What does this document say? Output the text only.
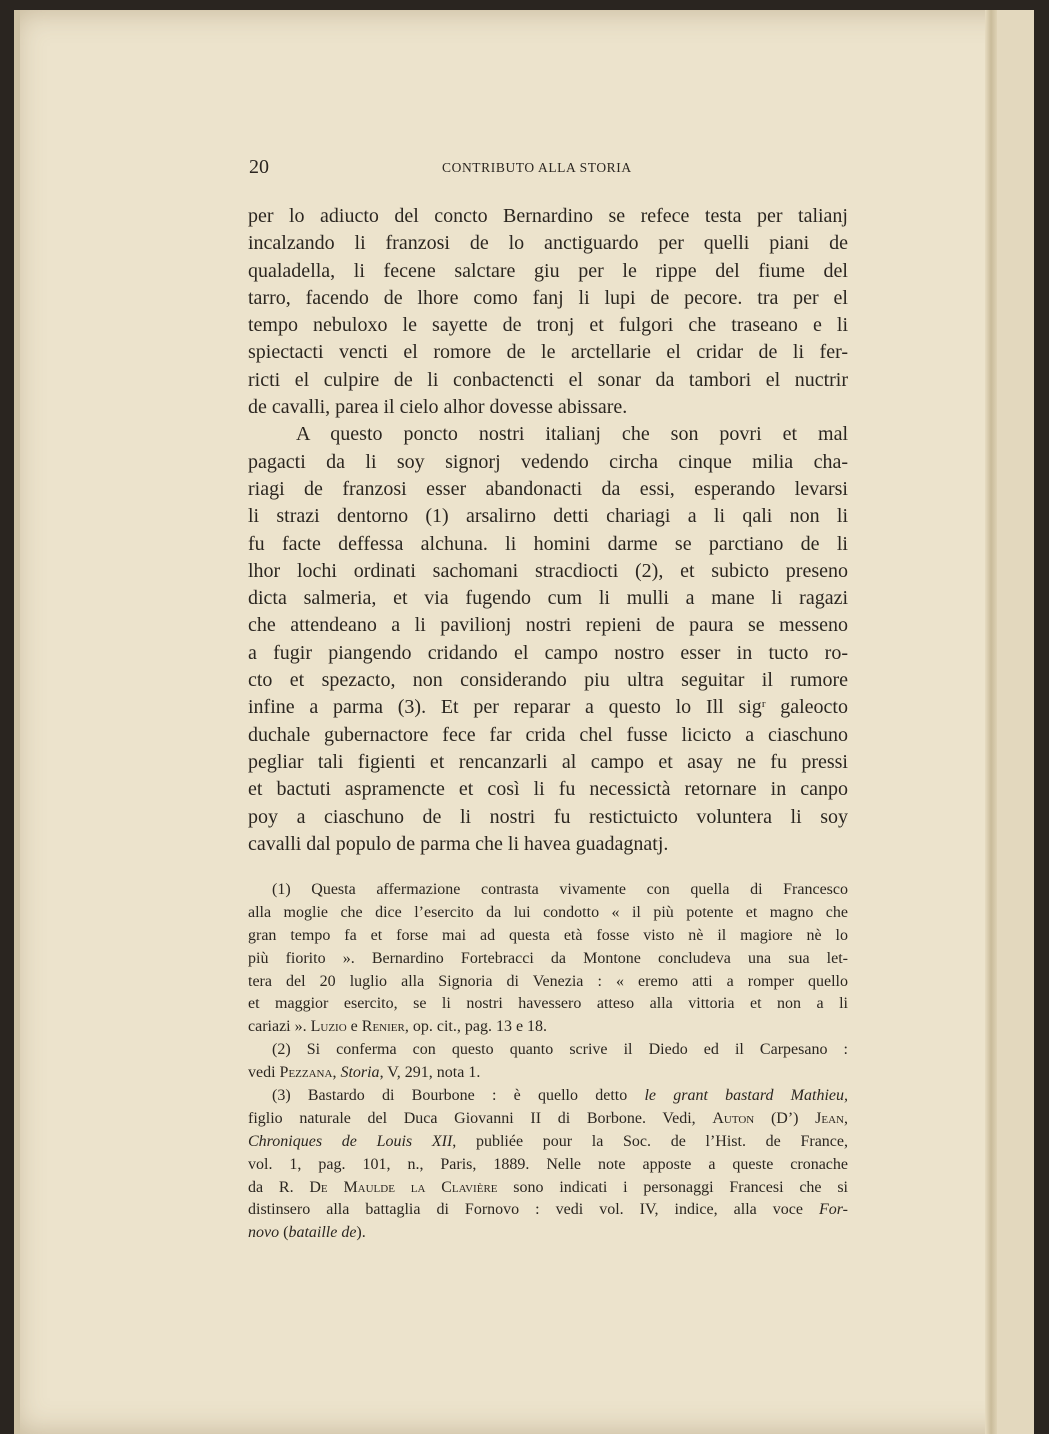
20	CONTRIBUTO ALLA STORIA
per lo adiucto del concto Bernardino se refece testa per talianj
incalzando li franzosi de lo anctiguardo per quelli piani de
qualadella, li fecene salctare giu per le rippe del fiume del
tarro, facendo de lhore como fanj li lupi de pecore. tra per el
tempo nebuloxo le sayette de tronj et fulgori che traseano e li
spiectacti vencti el romore de le arctellarie el cridar de li fer-
ricti el culpire de li conbactencti el sonar da tambori el nuctrir
de cavalli, parea il cielo alhor dovesse abissare.
A questo poncto nostri italianj che son povri et mal
pagacti da li soy signorj vedendo circha cinque milia cha-
riagi de franzosi esser abandonacti da essi, esperando levarsi
li strazi dentorno (1) arsalirno detti chariagi a li qali non li
fu facte deffessa alchuna. li homini darme se parctiano de li
lhor lochi ordinati sachomani stracdiocti (2), et subicto preseno
dicta salmeria, et via fugendo cum li mulli a mane li ragazi
che attendeano a li pavilionj nostri repieni de paura se messeno
a fugir piangendo cridando el campo nostro esser in tucto ro-
cto et spezacto, non considerando piu ultra seguitar il rumore
infine a parma (3). Et per reparar a questo lo Ill sig$^r$ galeocto
duchale gubernactore fece far crida chel fusse licicto a ciaschuno
pegliar tali figienti et rencanzarli al campo et asay ne fu pressi
et bactuti aspramencte et così li fu necessictà retornare in canpo
poy a ciaschuno de li nostri fu restictuicto voluntera li soy
cavalli dal populo de parma che li havea guadagnatj.
(1) Questa affermazione contrasta vivamente con quella di Francesco
alla moglie che dice l’esercito da lui condotto « il più potente et magno che
gran tempo fa et forse mai ad questa età fosse visto nè il magiore nè lo
più fiorito ». Bernardino Fortebracci da Montone concludeva una sua let-
tera del 20 luglio alla Signoria di Venezia : « eremo atti a romper quello
et maggior esercito, se li nostri havessero atteso alla vittoria et non a li
cariazi ». Luzio e Renier, op. cit., pag. 13 e 18.
(2) Si conferma con questo quanto scrive il Diedo ed il Carpesano :
vedi Pezzana, Storia, V, 291, nota 1.
(3) Bastardo di Bourbone : è quello detto le grant bastard Mathieu,
figlio naturale del Duca Giovanni II di Borbone. Vedi, Auton (D’) Jean,
Chroniques de Louis XII, publiée pour la Soc. de l’Hist. de France,
vol. 1, pag. 101, n., Paris, 1889. Nelle note apposte a queste cronache
da R. De Maulde la Clavière sono indicati i personaggi Francesi che si
distinsero alla battaglia di Fornovo : vedi vol. IV, indice, alla voce For-
novo (bataille de).
